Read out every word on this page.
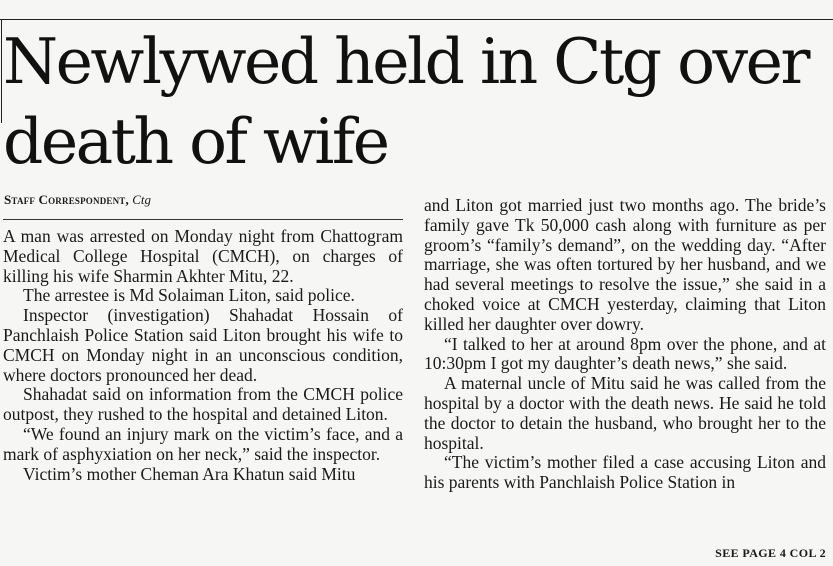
Newlywed held in Ctg over death of wife
Staff Correspondent, Ctg

A man was arrested on Monday night from Chattogram Medical College Hospital (CMCH), on charges of killing his wife Sharmin Akhter Mitu, 22.

The arrestee is Md Solaiman Liton, said police.

Inspector (investigation) Shahadat Hossain of Panchlaish Police Station said Liton brought his wife to CMCH on Monday night in an unconscious condition, where doctors pronounced her dead.

Shahadat said on information from the CMCH police outpost, they rushed to the hospital and detained Liton.

“We found an injury mark on the victim’s face, and a mark of asphyxiation on her neck,” said the inspector.

Victim’s mother Cheman Ara Khatun said Mitu

and Liton got married just two months ago. The bride’s family gave Tk 50,000 cash along with furniture as per groom’s “family’s demand”, on the wedding day. “After marriage, she was often tortured by her husband, and we had several meetings to resolve the issue,” she said in a choked voice at CMCH yesterday, claiming that Liton killed her daughter over dowry.

“I talked to her at around 8pm over the phone, and at 10:30pm I got my daughter’s death news,” she said.

A maternal uncle of Mitu said he was called from the hospital by a doctor with the death news. He said he told the doctor to detain the husband, who brought her to the hospital.

“The victim’s mother filed a case accusing Liton and his parents with Panchlaish Police Station in

SEE PAGE 4 COL 2
